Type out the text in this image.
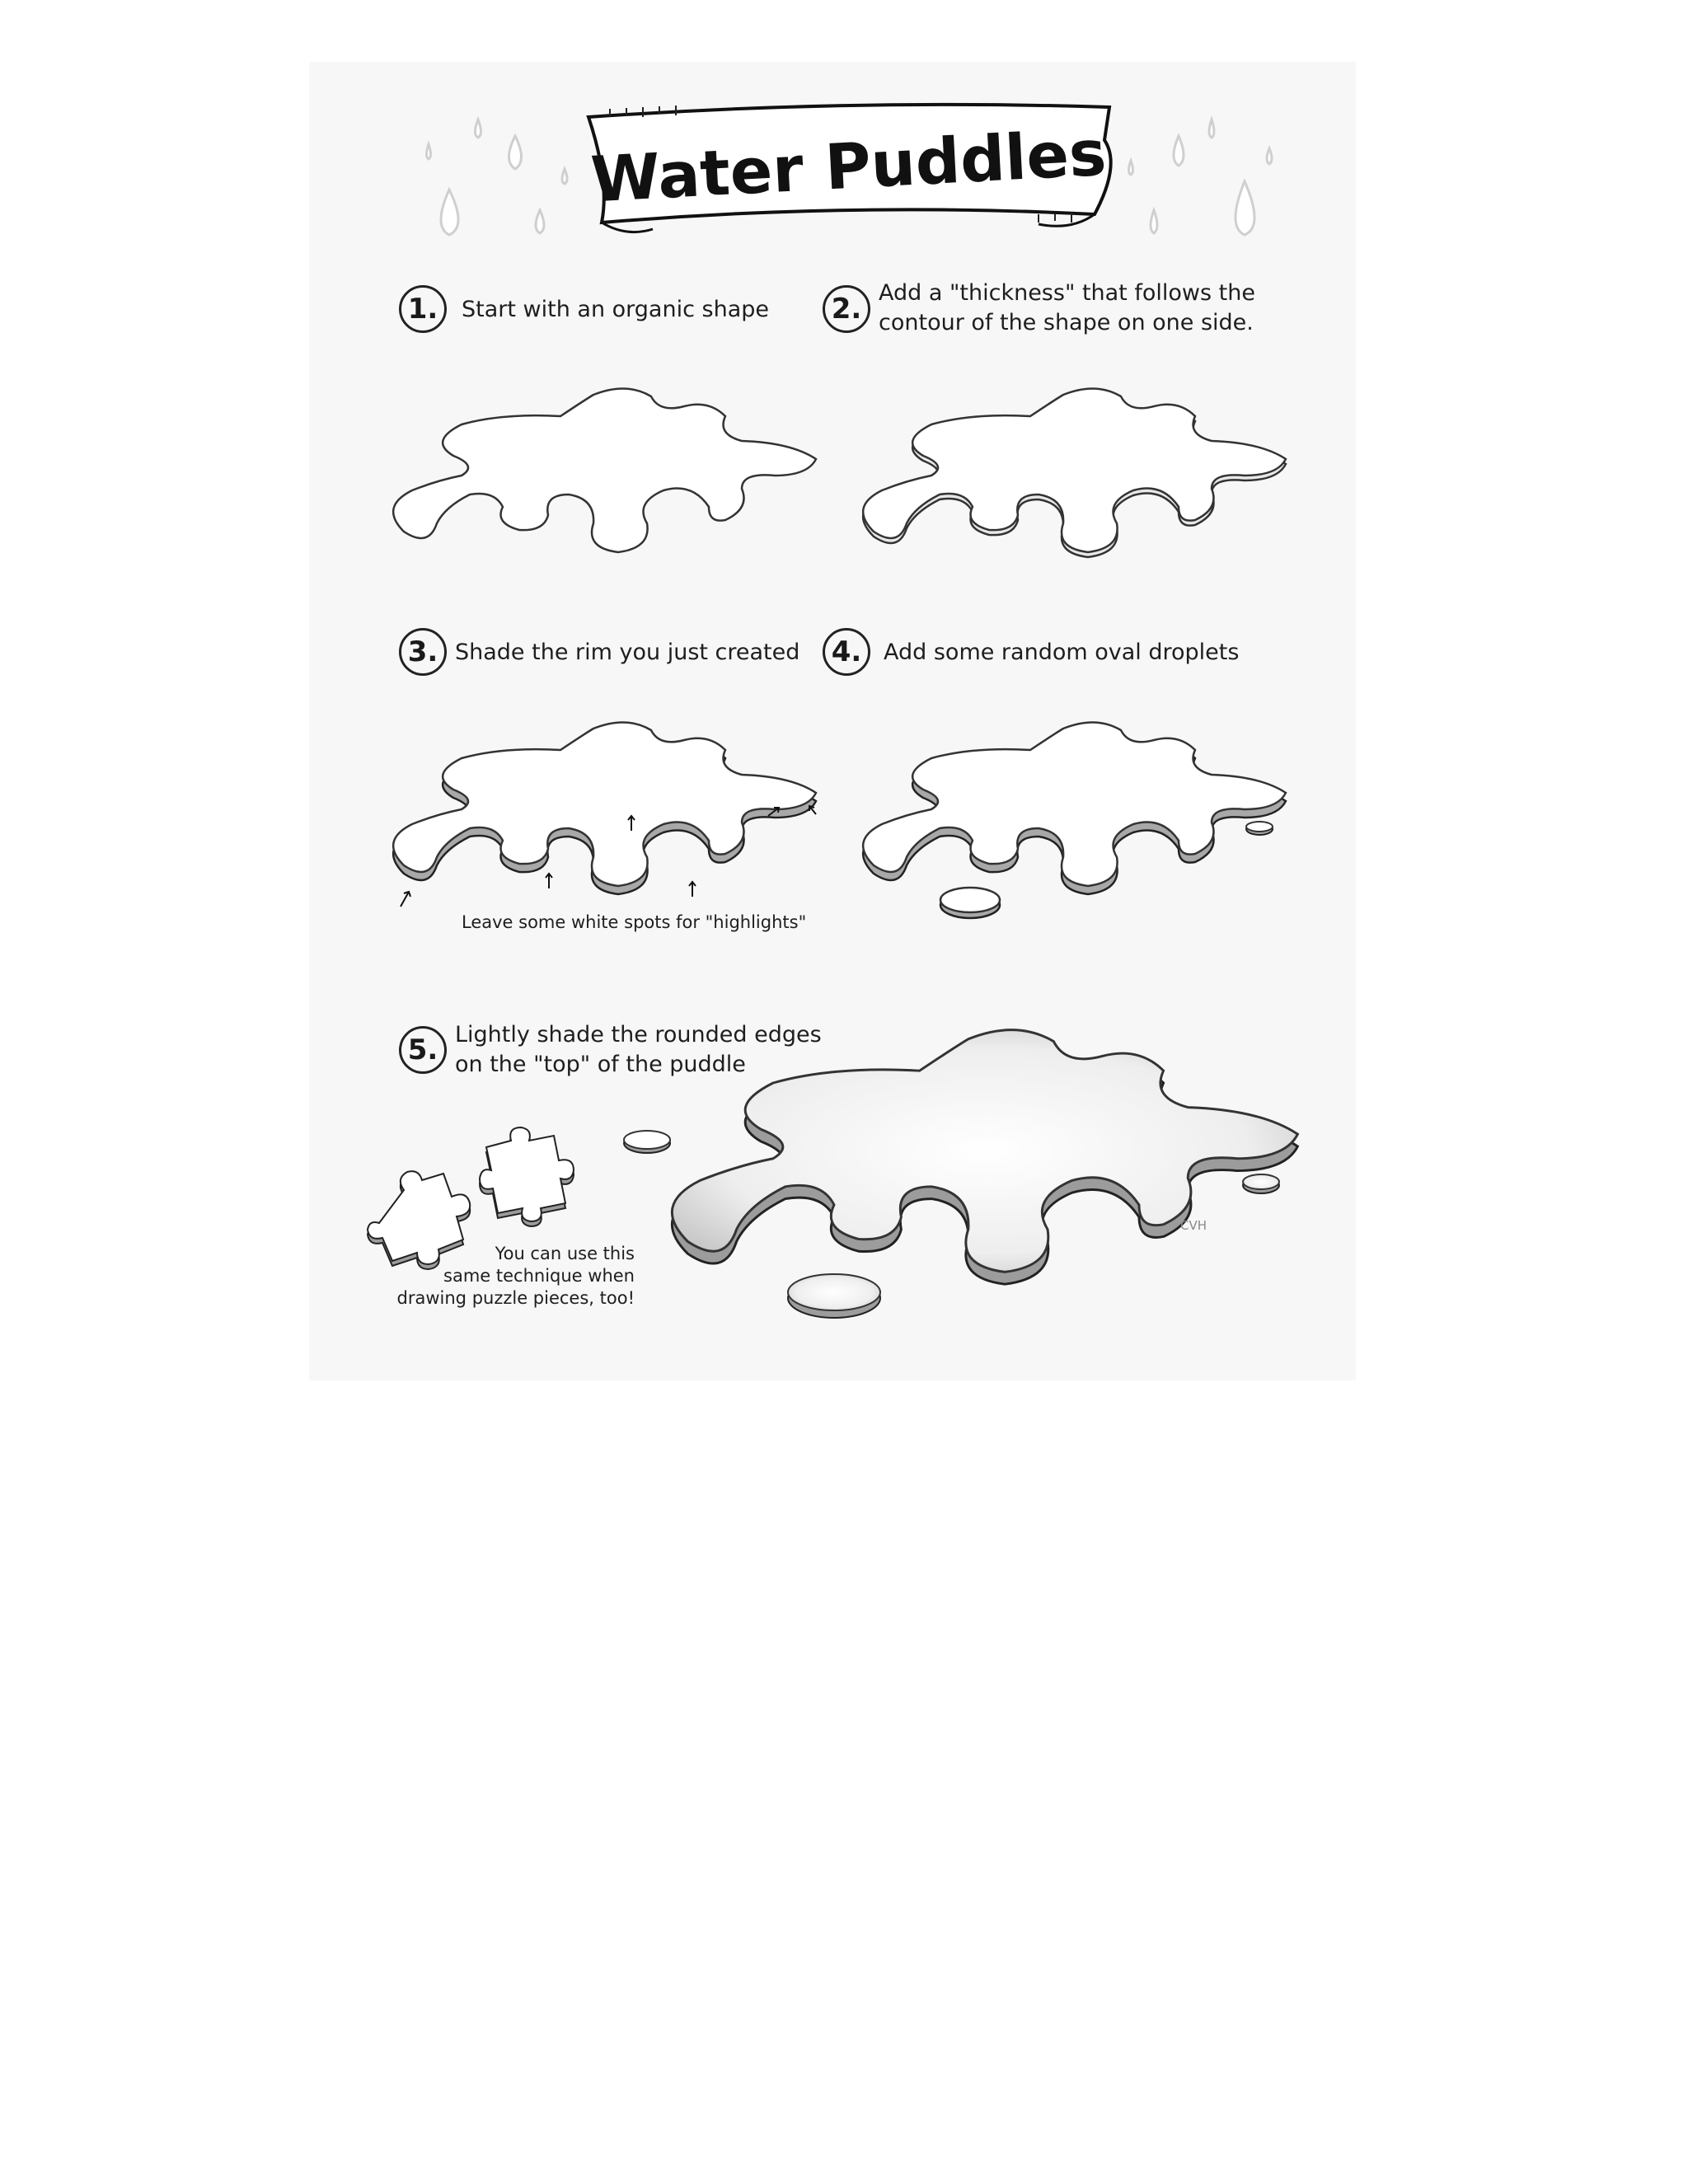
Water Puddles
1.	Start with an organic shape	2. Add a "thickness" that follows the
contour of the shape on one side.
3. Shade the rim you just created	4. Add some random oval droplets
Leave some white spots for "highlights"
5. Lightly shade the rounded edges
on the "top" of the puddle
CVH
You can use this
same technique when
drawing puzzle pieces, too!
